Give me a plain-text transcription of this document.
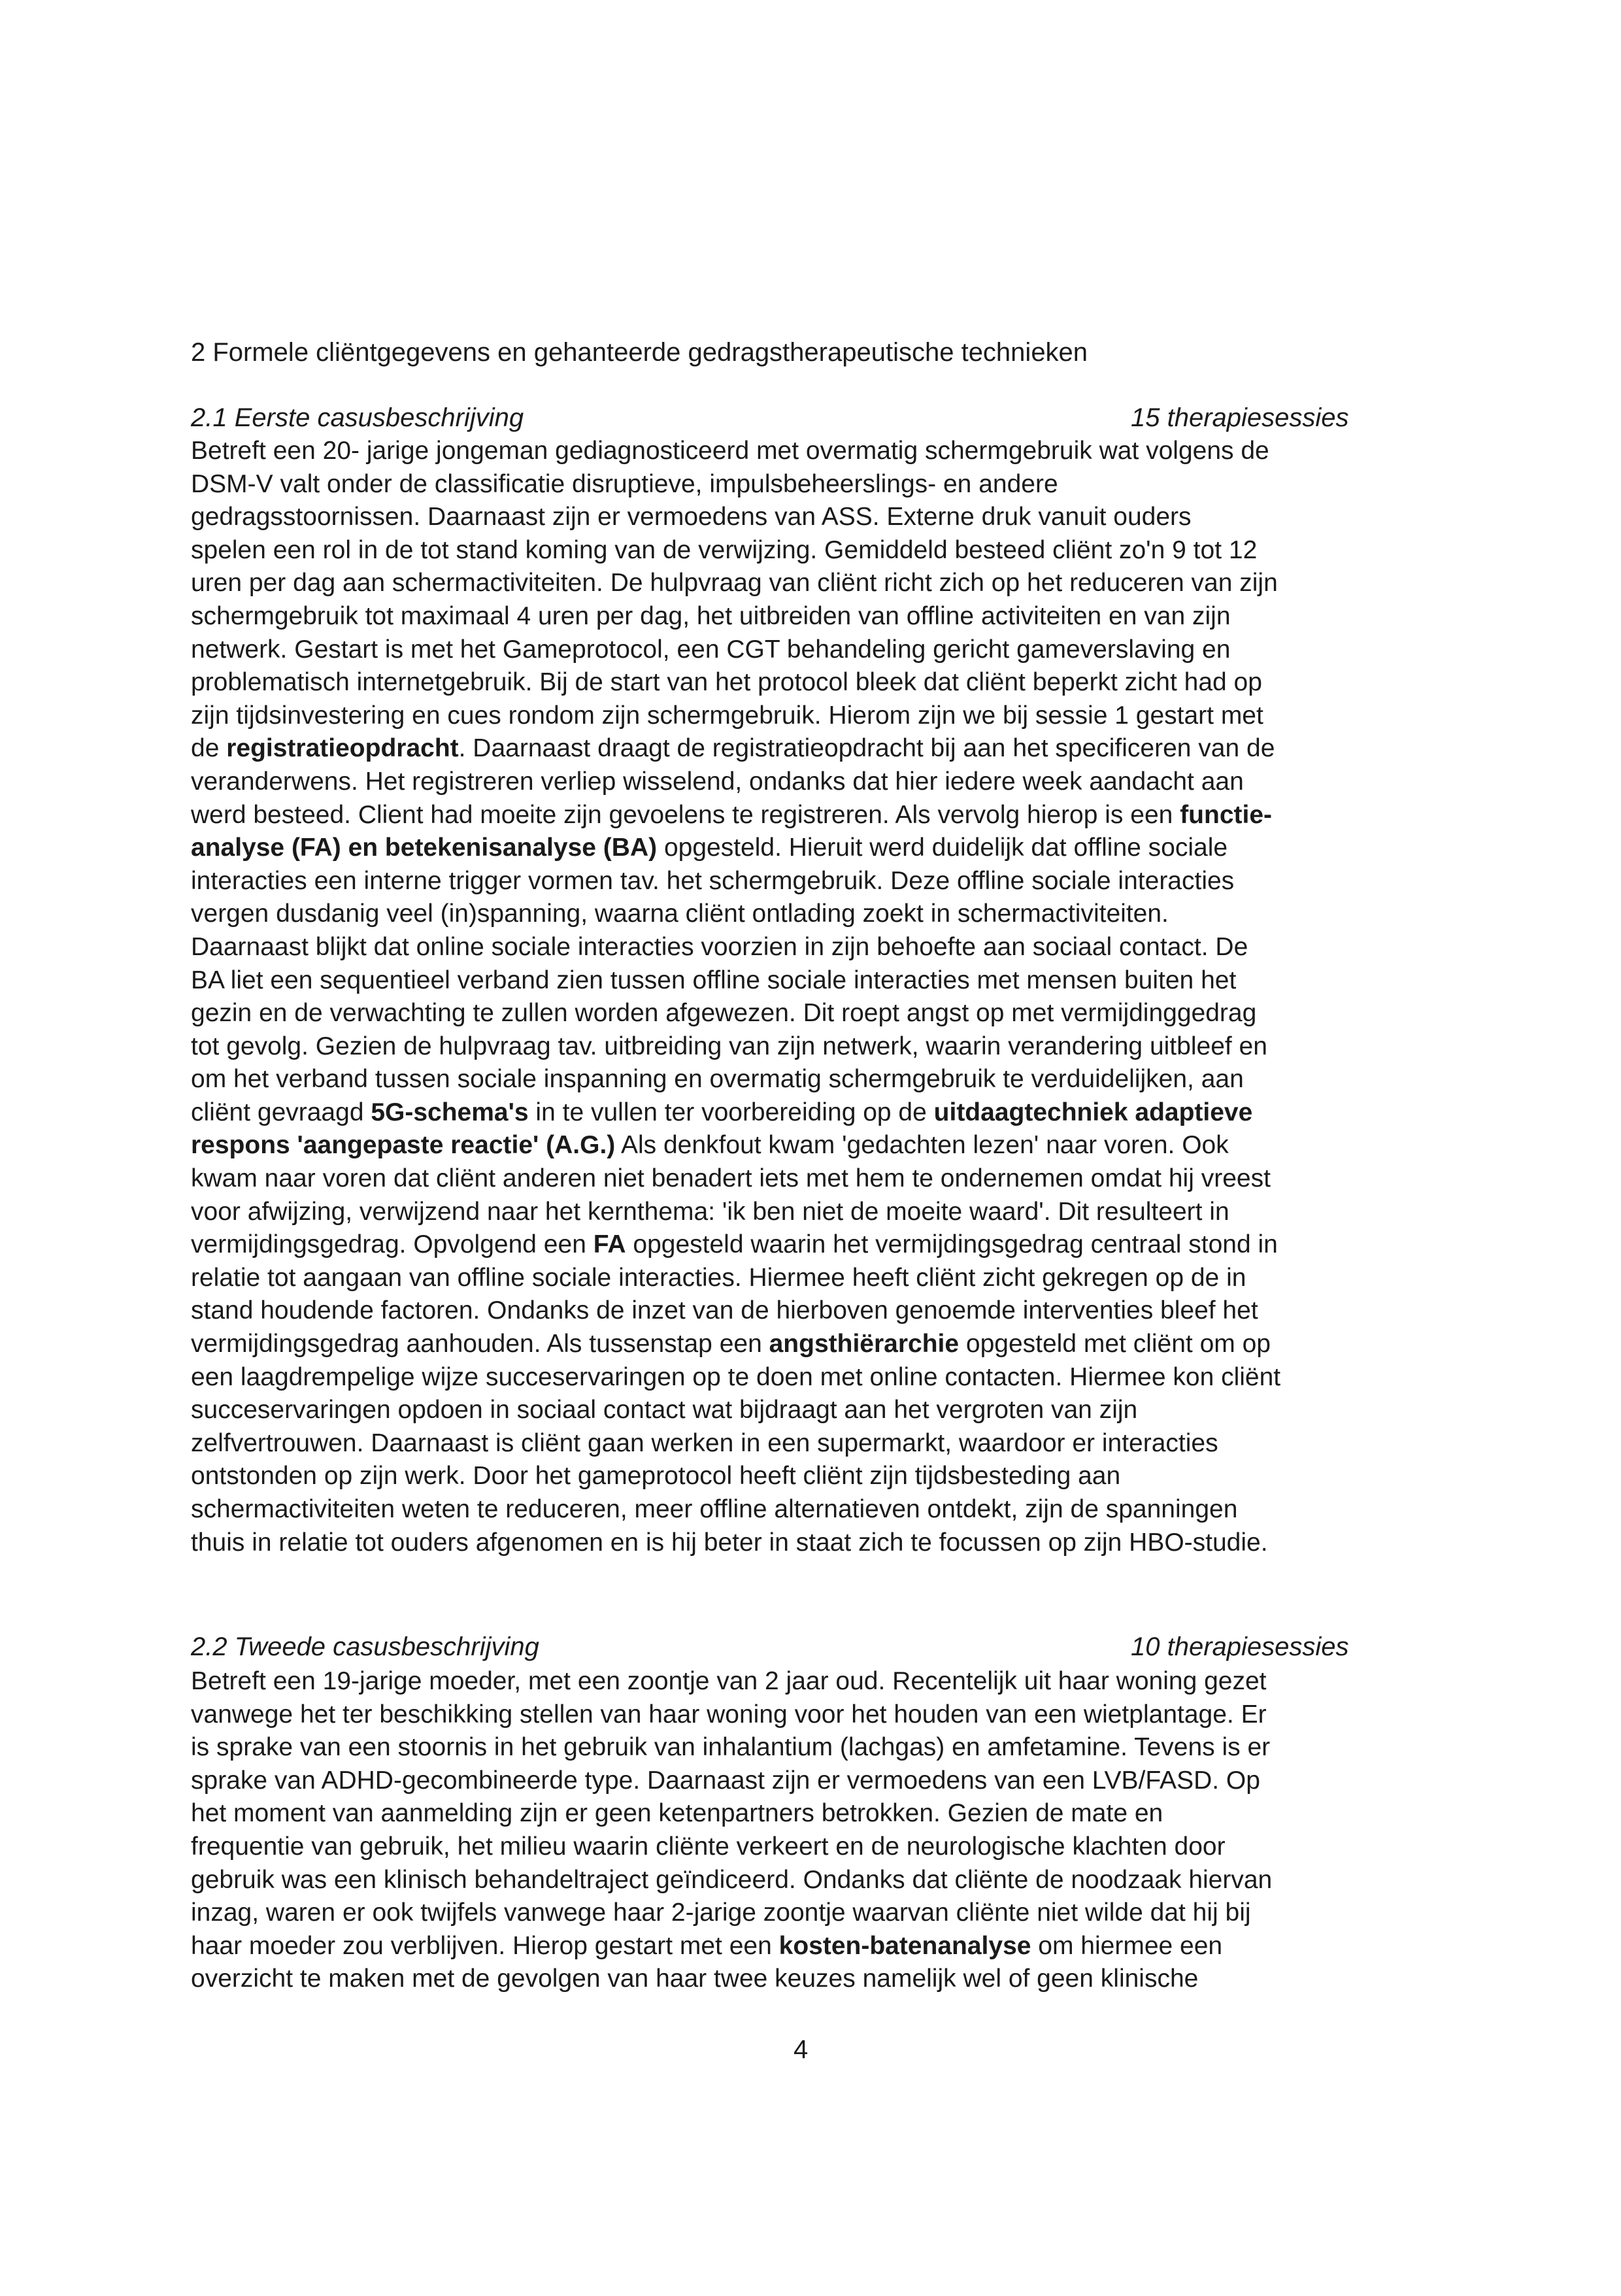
2 Formele cliëntgegevens en gehanteerde gedragstherapeutische technieken
2.1 Eerste casusbeschrijving	15 therapiesessies
Betreft een 20- jarige jongeman gediagnosticeerd met overmatig schermgebruik wat volgens de
DSM-V valt onder de classificatie disruptieve, impulsbeheerslings- en andere
gedragsstoornissen. Daarnaast zijn er vermoedens van ASS. Externe druk vanuit ouders
spelen een rol in de tot stand koming van de verwijzing. Gemiddeld besteed cliënt zo'n 9 tot 12
uren per dag aan schermactiviteiten. De hulpvraag van cliënt richt zich op het reduceren van zijn
schermgebruik tot maximaal 4 uren per dag, het uitbreiden van offline activiteiten en van zijn
netwerk. Gestart is met het Gameprotocol, een CGT behandeling gericht gameverslaving en
problematisch internetgebruik. Bij de start van het protocol bleek dat cliënt beperkt zicht had op
zijn tijdsinvestering en cues rondom zijn schermgebruik. Hierom zijn we bij sessie 1 gestart met
de registratieopdracht. Daarnaast draagt de registratieopdracht bij aan het specificeren van de
veranderwens. Het registreren verliep wisselend, ondanks dat hier iedere week aandacht aan
werd besteed. Client had moeite zijn gevoelens te registreren. Als vervolg hierop is een functie-
analyse (FA) en betekenisanalyse (BA) opgesteld. Hieruit werd duidelijk dat offline sociale
interacties een interne trigger vormen tav. het schermgebruik. Deze offline sociale interacties
vergen dusdanig veel (in)spanning, waarna cliënt ontlading zoekt in schermactiviteiten.
Daarnaast blijkt dat online sociale interacties voorzien in zijn behoefte aan sociaal contact. De
BA liet een sequentieel verband zien tussen offline sociale interacties met mensen buiten het
gezin en de verwachting te zullen worden afgewezen. Dit roept angst op met vermijdinggedrag
tot gevolg. Gezien de hulpvraag tav. uitbreiding van zijn netwerk, waarin verandering uitbleef en
om het verband tussen sociale inspanning en overmatig schermgebruik te verduidelijken, aan
cliënt gevraagd 5G-schema's in te vullen ter voorbereiding op de uitdaagtechniek adaptieve
respons 'aangepaste reactie' (A.G.) Als denkfout kwam 'gedachten lezen' naar voren. Ook
kwam naar voren dat cliënt anderen niet benadert iets met hem te ondernemen omdat hij vreest
voor afwijzing, verwijzend naar het kernthema: 'ik ben niet de moeite waard'. Dit resulteert in
vermijdingsgedrag. Opvolgend een FA opgesteld waarin het vermijdingsgedrag centraal stond in
relatie tot aangaan van offline sociale interacties. Hiermee heeft cliënt zicht gekregen op de in
stand houdende factoren. Ondanks de inzet van de hierboven genoemde interventies bleef het
vermijdingsgedrag aanhouden. Als tussenstap een angsthiërarchie opgesteld met cliënt om op
een laagdrempelige wijze succeservaringen op te doen met online contacten. Hiermee kon cliënt
succeservaringen opdoen in sociaal contact wat bijdraagt aan het vergroten van zijn
zelfvertrouwen. Daarnaast is cliënt gaan werken in een supermarkt, waardoor er interacties
ontstonden op zijn werk. Door het gameprotocol heeft cliënt zijn tijdsbesteding aan
schermactiviteiten weten te reduceren, meer offline alternatieven ontdekt, zijn de spanningen
thuis in relatie tot ouders afgenomen en is hij beter in staat zich te focussen op zijn HBO-studie.
2.2 Tweede casusbeschrijving	10 therapiesessies
Betreft een 19-jarige moeder, met een zoontje van 2 jaar oud. Recentelijk uit haar woning gezet
vanwege het ter beschikking stellen van haar woning voor het houden van een wietplantage. Er
is sprake van een stoornis in het gebruik van inhalantium (lachgas) en amfetamine. Tevens is er
sprake van ADHD-gecombineerde type. Daarnaast zijn er vermoedens van een LVB/FASD. Op
het moment van aanmelding zijn er geen ketenpartners betrokken. Gezien de mate en
frequentie van gebruik, het milieu waarin cliënte verkeert en de neurologische klachten door
gebruik was een klinisch behandeltraject geïndiceerd. Ondanks dat cliënte de noodzaak hiervan
inzag, waren er ook twijfels vanwege haar 2-jarige zoontje waarvan cliënte niet wilde dat hij bij
haar moeder zou verblijven. Hierop gestart met een kosten-batenanalyse om hiermee een
overzicht te maken met de gevolgen van haar twee keuzes namelijk wel of geen klinische
4
